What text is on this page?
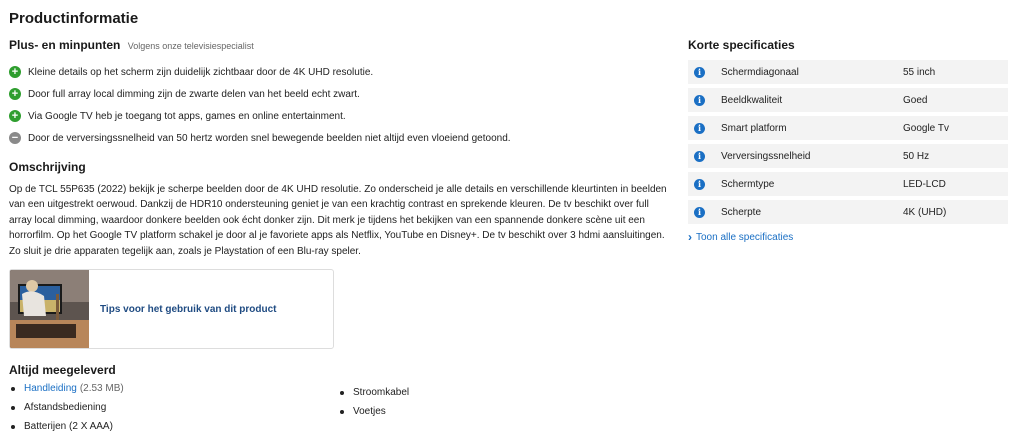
Productinformatie
Plus- en minpunten Volgens onze televisiespecialist
+ Kleine details op het scherm zijn duidelijk zichtbaar door de 4K UHD resolutie.
+ Door full array local dimming zijn de zwarte delen van het beeld echt zwart.
+ Via Google TV heb je toegang tot apps, games en online entertainment.
− Door de verversingssnelheid van 50 hertz worden snel bewegende beelden niet altijd even vloeiend getoond.
Omschrijving

Op de TCL 55P635 (2022) bekijk je scherpe beelden door de 4K UHD resolutie. Zo onderscheid je alle details en verschillende kleurtinten in beelden van een uitgestrekt oerwoud. Dankzij de HDR10 ondersteuning geniet je van een krachtig contrast en sprekende kleuren. De tv beschikt over full array local dimming, waardoor donkere beelden ook écht donker zijn. Dit merk je tijdens het bekijken van een spannende donkere scène uit een horrorfilm. Op het Google TV platform schakel je door al je favoriete apps als Netflix, YouTube en Disney+. De tv beschikt over 3 hdmi aansluitingen. Zo sluit je drie apparaten tegelijk aan, zoals je Playstation of een Blu-ray speler.

Tips voor het gebruik van dit product
Altijd meegeleverd
Handleiding (2.53 MB)
Afstandsbediening
Batterijen (2 X AAA)
Stroomkabel
Voetjes
Korte specificaties
i	Schermdiagonaal	55 inch
i	Beeldkwaliteit	Goed
i	Smart platform	Google Tv
i	Verversingssnelheid	50 Hz
i	Schermtype	LED-LCD
i	Scherpte	4K (UHD)
› Toon alle specificaties
